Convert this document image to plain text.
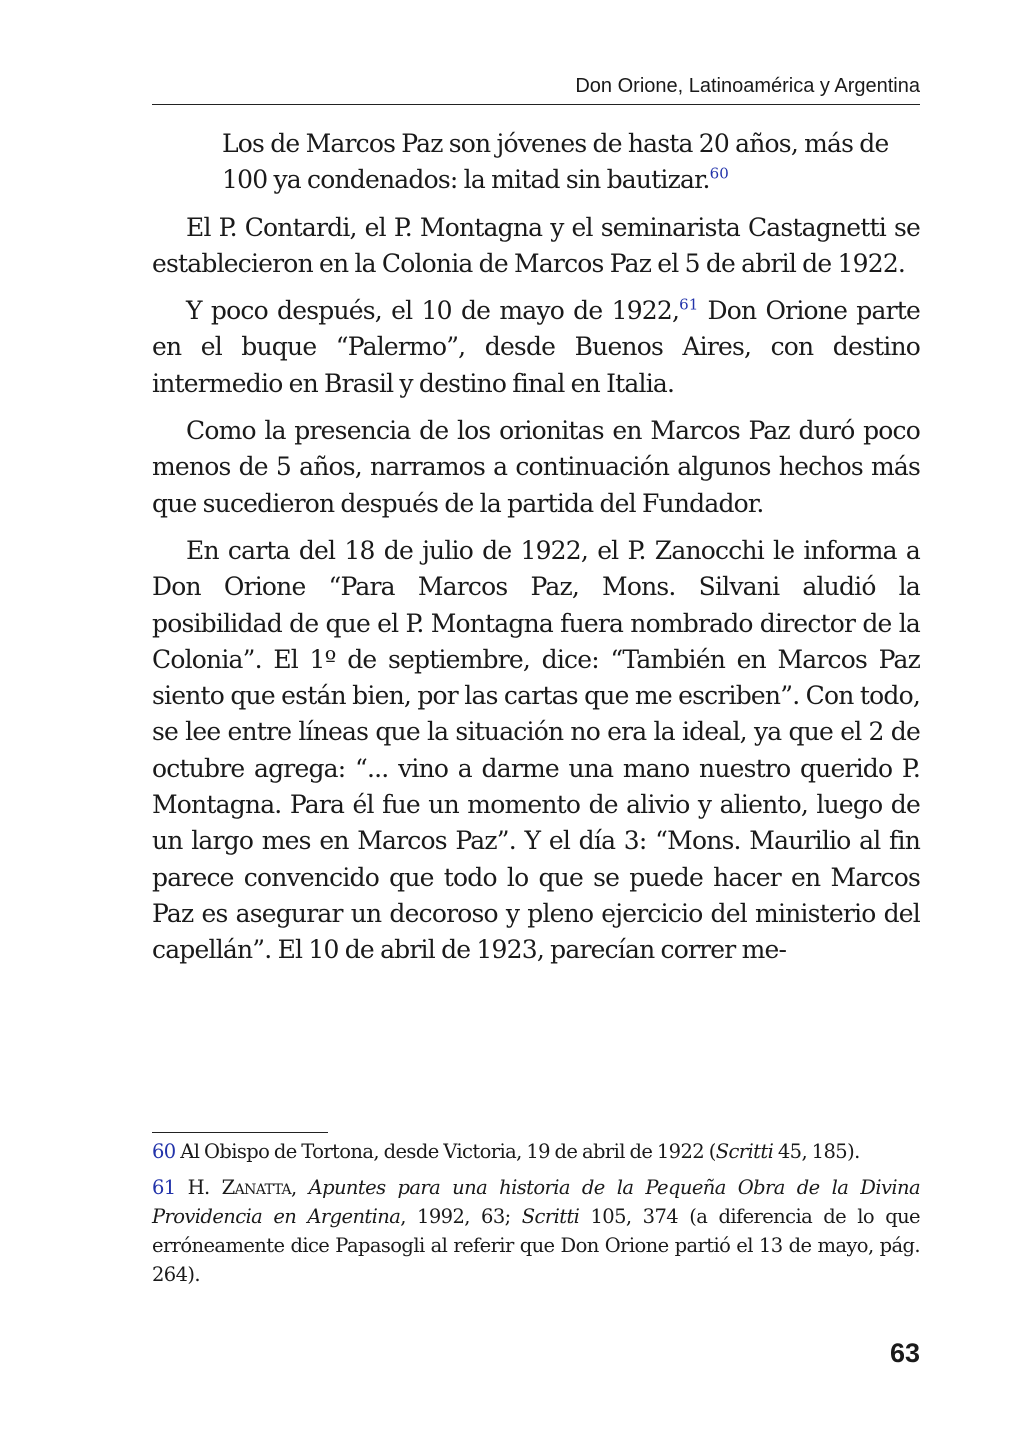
Don Orione, Latinoamérica y Argentina

Los de Marcos Paz son jóvenes de hasta 20 años, más de 100 ya condenados: la mitad sin bautizar.$^{60}$

El P. Contardi, el P. Montagna y el seminarista Castagnetti se establecieron en la Colonia de Marcos Paz el 5 de abril de 1922.

Y poco después, el 10 de mayo de 1922,61 Don Orione parte en el buque “Palermo”, desde Buenos Aires, con destino intermedio en Brasil y destino final en Italia.

Como la presencia de los orionitas en Marcos Paz duró poco menos de 5 años, narramos a continuación algunos hechos más que sucedieron después de la partida del Fundador.

En carta del 18 de julio de 1922, el P. Zanocchi le informa a Don Orione “Para Marcos Paz, Mons. Silvani aludió la posibilidad de que el P. Montagna fuera nombrado director de la Colonia”. El 1º de septiembre, dice: “También en Marcos Paz siento que están bien, por las cartas que me escriben”. Con todo, se lee entre líneas que la situación no era la ideal, ya que el 2 de octubre agrega: “... vino a darme una mano nuestro querido P. Montagna. Para él fue un momento de alivio y aliento, luego de un largo mes en Marcos Paz”. Y el día 3: “Mons. Maurilio al fin parece convencido que todo lo que se puede hacer en Marcos Paz es asegurar un decoroso y pleno ejercicio del ministerio del capellán”. El 10 de abril de 1923, parecían correr me-

60 Al Obispo de Tortona, desde Victoria, 19 de abril de 1922 (Scritti 45, 185).

61 H. Zanatta, Apuntes para una historia de la Pequeña Obra de la Divina Providencia en Argentina, 1992, 63; Scritti 105, 374 (a diferencia de lo que erróneamente dice Papasogli al referir que Don Orione partió el 13 de mayo, pág. 264).

63
